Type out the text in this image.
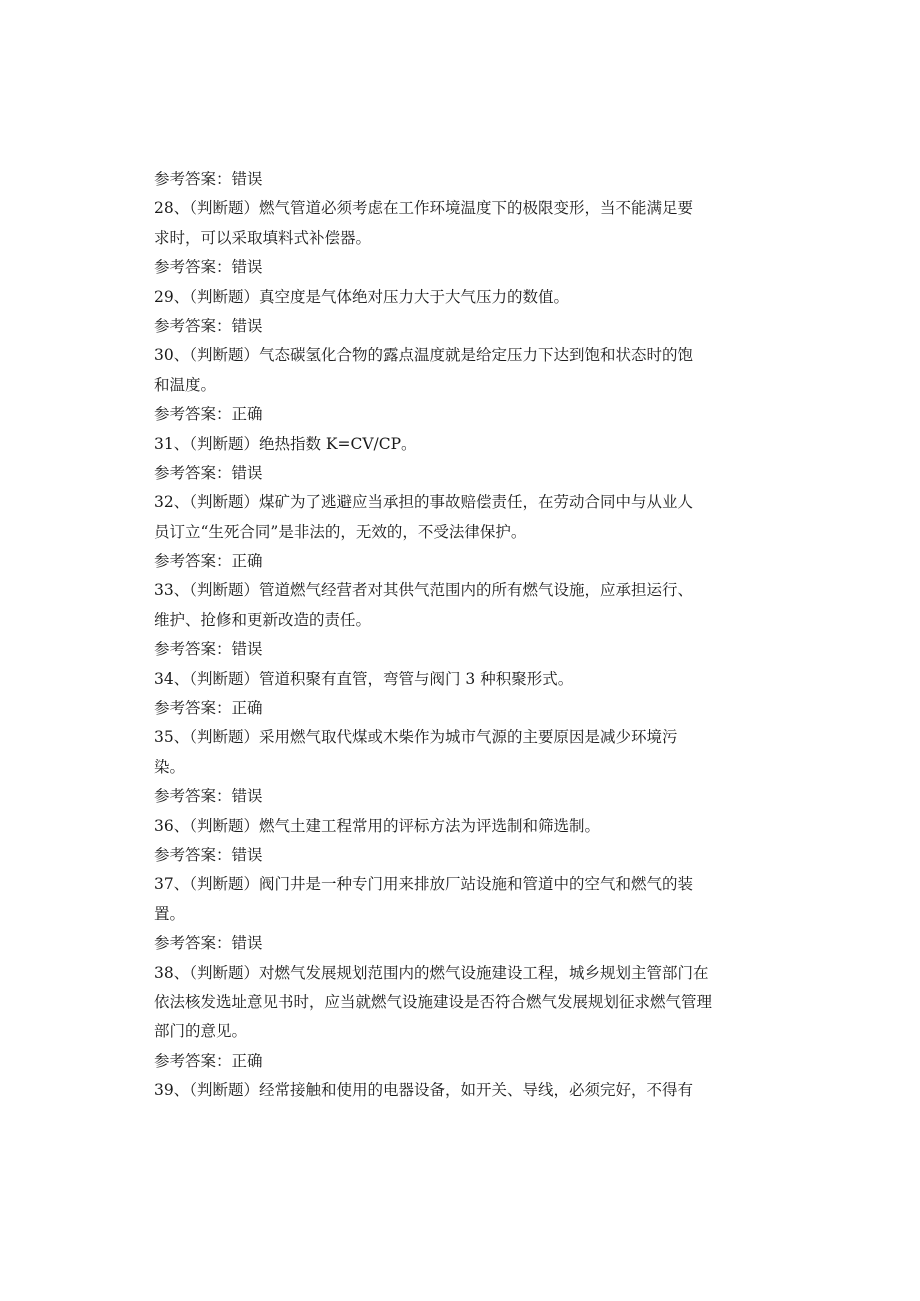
参考答案：错误
28、（判断题）燃气管道必须考虑在工作环境温度下的极限变形，当不能满足要
求时，可以采取填料式补偿器。
参考答案：错误
29、（判断题）真空度是气体绝对压力大于大气压力的数值。
参考答案：错误
30、（判断题）气态碳氢化合物的露点温度就是给定压力下达到饱和状态时的饱
和温度。
参考答案：正确
31、（判断题）绝热指数 K=CV/CP。
参考答案：错误
32、（判断题）煤矿为了逃避应当承担的事故赔偿责任，在劳动合同中与从业人
员订立“生死合同”是非法的，无效的，不受法律保护。
参考答案：正确
33、（判断题）管道燃气经营者对其供气范围内的所有燃气设施，应承担运行、
维护、抢修和更新改造的责任。
参考答案：错误
34、（判断题）管道积聚有直管，弯管与阀门 3 种积聚形式。
参考答案：正确
35、（判断题）采用燃气取代煤或木柴作为城市气源的主要原因是减少环境污
染。
参考答案：错误
36、（判断题）燃气土建工程常用的评标方法为评选制和筛选制。
参考答案：错误
37、（判断题）阀门井是一种专门用来排放厂站设施和管道中的空气和燃气的装
置。
参考答案：错误
38、（判断题）对燃气发展规划范围内的燃气设施建设工程，城乡规划主管部门在
依法核发选址意见书时，应当就燃气设施建设是否符合燃气发展规划征求燃气管理
部门的意见。
参考答案：正确
39、（判断题）经常接触和使用的电器设备，如开关、导线，必须完好，不得有
